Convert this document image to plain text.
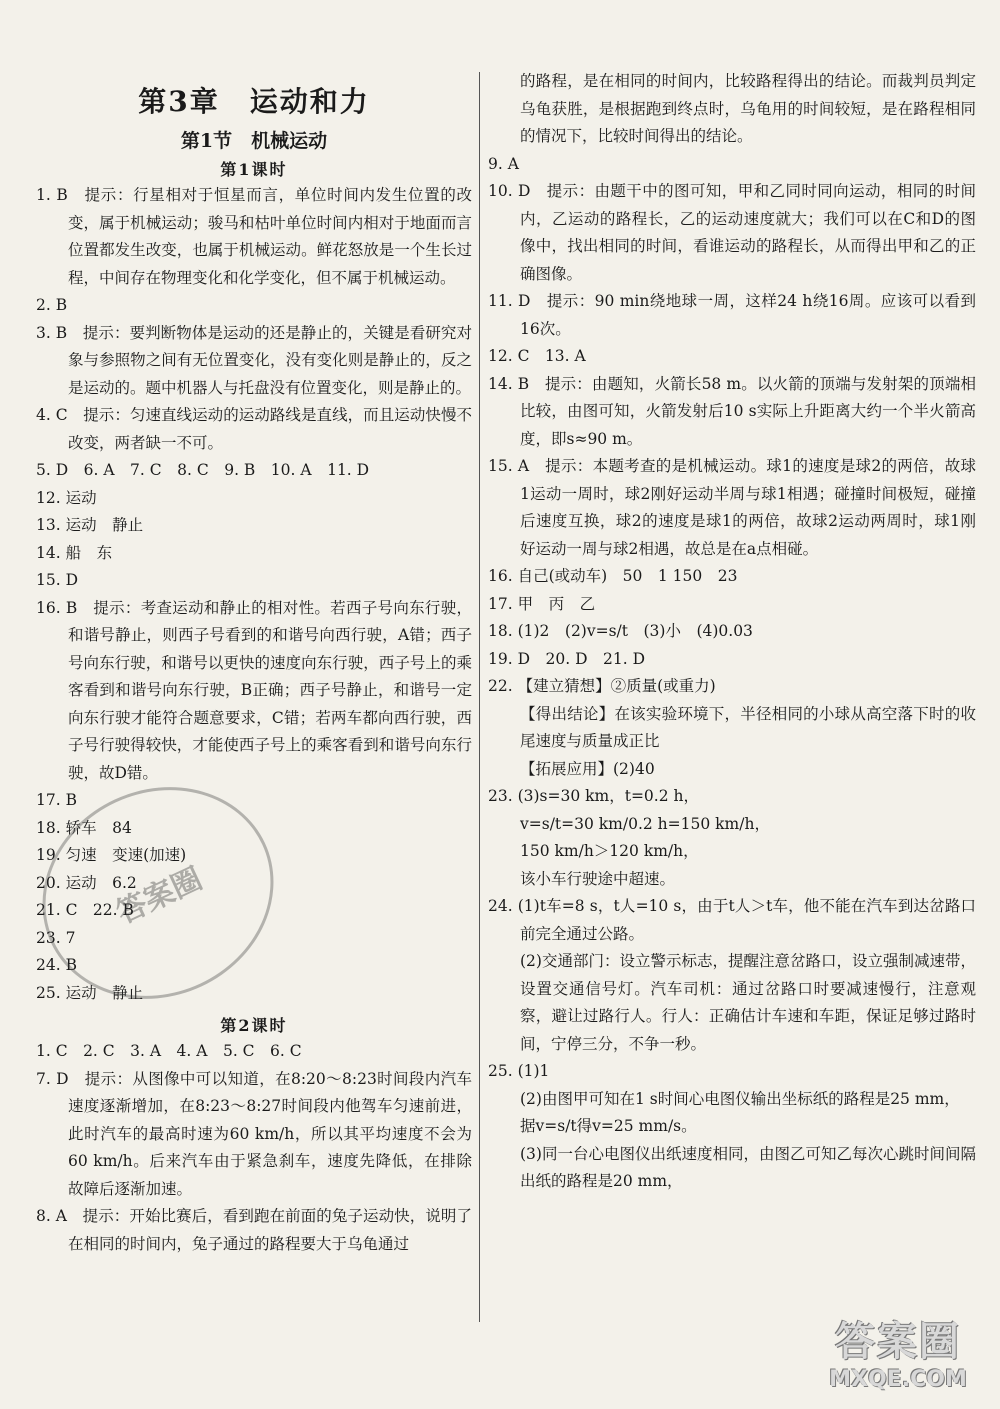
第3章　运动和力
第1节　机械运动
第1课时

1. B　提示：行星相对于恒星而言，单位时间内发生位置的改变，属于机械运动；骏马和枯叶单位时间内相对于地面而言位置都发生改变，也属于机械运动。鲜花怒放是一个生长过程，中间存在物理变化和化学变化，但不属于机械运动。

2. B

3. B　提示：要判断物体是运动的还是静止的，关键是看研究对象与参照物之间有无位置变化，没有变化则是静止的，反之是运动的。题中机器人与托盘没有位置变化，则是静止的。

4. C　提示：匀速直线运动的运动路线是直线，而且运动快慢不改变，两者缺一不可。

5. D　6. A　7. C　8. C　9. B　10. A　11. D

12. 运动

13. 运动　静止

14. 船　东

15. D

16. B　提示：考查运动和静止的相对性。若西子号向东行驶，和谐号静止，则西子号看到的和谐号向西行驶，A错；西子号向东行驶，和谐号以更快的速度向东行驶，西子号上的乘客看到和谐号向东行驶，B正确；西子号静止，和谐号一定向东行驶才能符合题意要求，C错；若两车都向西行驶，西子号行驶得较快，才能使西子号上的乘客看到和谐号向东行驶，故D错。

17. B

18. 轿车　84

19. 匀速　变速(加速)

20. 运动　6.2

21. C　22. B

23. 7

24. B

25. 运动　静止

第2课时

1. C　2. C　3. A　4. A　5. C　6. C

7. D　提示：从图像中可以知道，在8:20～8:23时间段内汽车速度逐渐增加，在8:23～8:27时间段内他驾车匀速前进，此时汽车的最高时速为60 km/h，所以其平均速度不会为60 km/h。后来汽车由于紧急刹车，速度先降低，在排除故障后逐渐加速。

8. A　提示：开始比赛后，看到跑在前面的兔子运动快，说明了在相同的时间内，兔子通过的路程要大于乌龟通过

的路程，是在相同的时间内，比较路程得出的结论。而裁判员判定乌龟获胜，是根据跑到终点时，乌龟用的时间较短，是在路程相同的情况下，比较时间得出的结论。

9. A

10. D　提示：由题干中的图可知，甲和乙同时同向运动，相同的时间内，乙运动的路程长，乙的运动速度就大；我们可以在C和D的图像中，找出相同的时间，看谁运动的路程长，从而得出甲和乙的正确图像。

11. D　提示：90 min绕地球一周，这样24 h绕16周。应该可以看到16次。

12. C　13. A

14. B　提示：由题知，火箭长58 m。以火箭的顶端与发射架的顶端相比较，由图可知，火箭发射后10 s实际上升距离大约一个半火箭高度，即s≈90 m。

15. A　提示：本题考查的是机械运动。球1的速度是球2的两倍，故球1运动一周时，球2刚好运动半周与球1相遇；碰撞时间极短，碰撞后速度互换，球2的速度是球1的两倍，故球2运动两周时，球1刚好运动一周与球2相遇，故总是在a点相碰。

16. 自己(或动车)　50　1 150　23

17. 甲　丙　乙

18. (1)2　(2)v=s/t　(3)小　(4)0.03

19. D　20. D　21. D

22. 【建立猜想】②质量(或重力)

【得出结论】在该实验环境下，半径相同的小球从高空落下时的收尾速度与质量成正比

【拓展应用】(2)40

23. (3)s=30 km，t=0.2 h，

v=s/t=30 km/0.2 h=150 km/h，

150 km/h＞120 km/h，

该小车行驶途中超速。

24. (1)t车=8 s，t人=10 s，由于t人＞t车，他不能在汽车到达岔路口前完全通过公路。

(2)交通部门：设立警示标志，提醒注意岔路口，设立强制减速带，设置交通信号灯。汽车司机：通过岔路口时要减速慢行，注意观察，避让过路行人。行人：正确估计车速和车距，保证足够过路时间，宁停三分，不争一秒。

25. (1)1

(2)由图甲可知在1 s时间心电图仪输出坐标纸的路程是25 mm，

据v=s/t得v=25 mm/s。

(3)同一台心电图仪出纸速度相同，由图乙可知乙每次心跳时间间隔出纸的路程是20 mm，

答案圈
答案圈
MXQE.COM
